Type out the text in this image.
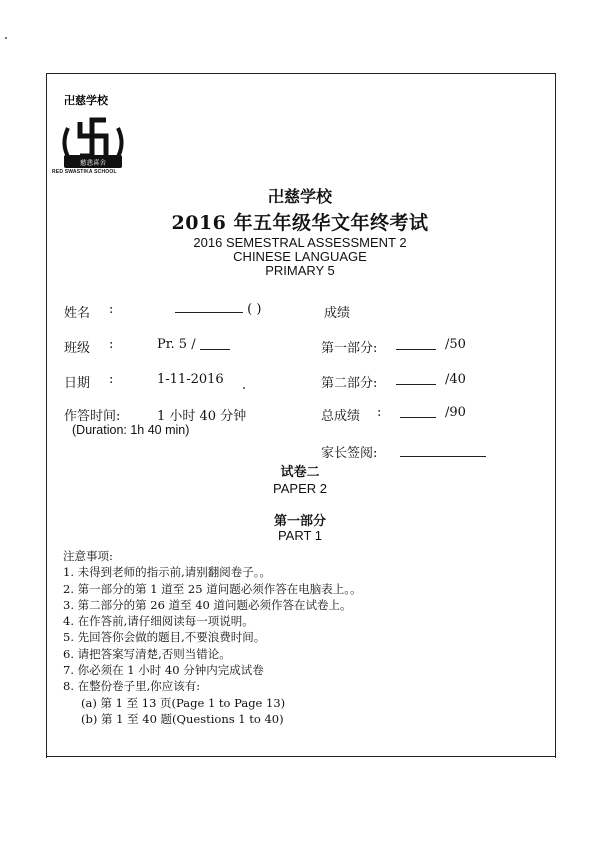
卍慈学校
慈悲喜舍
RED SWASTIKA SCHOOL
卍慈学校
2016 年五年级华文年终考试
2016 SEMESTRAL ASSESSMENT 2
CHINESE LANGUAGE
PRIMARY 5
姓名 :	( )	成绩
班级 :	Pr. 5 /	第一部分:	/50
日期 :	1-11-2016	第二部分:	/40
作答时间:	1 小时 40 分钟	总成绩 :	/90
(Duration: 1h 40 min)
家长签阅:
试卷二
PAPER 2
第一部分
PART 1
注意事项:
1. 未得到老师的指示前,请别翻阅卷子。。
2. 第一部分的第 1 道至 25 道问题必须作答在电脑表上。。
3. 第二部分的第 26 道至 40 道问题必须作答在试卷上。
4. 在作答前,请仔细阅读每一项说明。
5. 先回答你会做的题目,不要浪费时间。
6. 请把答案写清楚,否则当错论。
7. 你必须在 1 小时 40 分钟内完成试卷
8. 在整份卷子里,你应该有:
(a) 第 1 至 13 页(Page 1 to Page 13)
(b) 第 1 至 40 题(Questions 1 to 40)
